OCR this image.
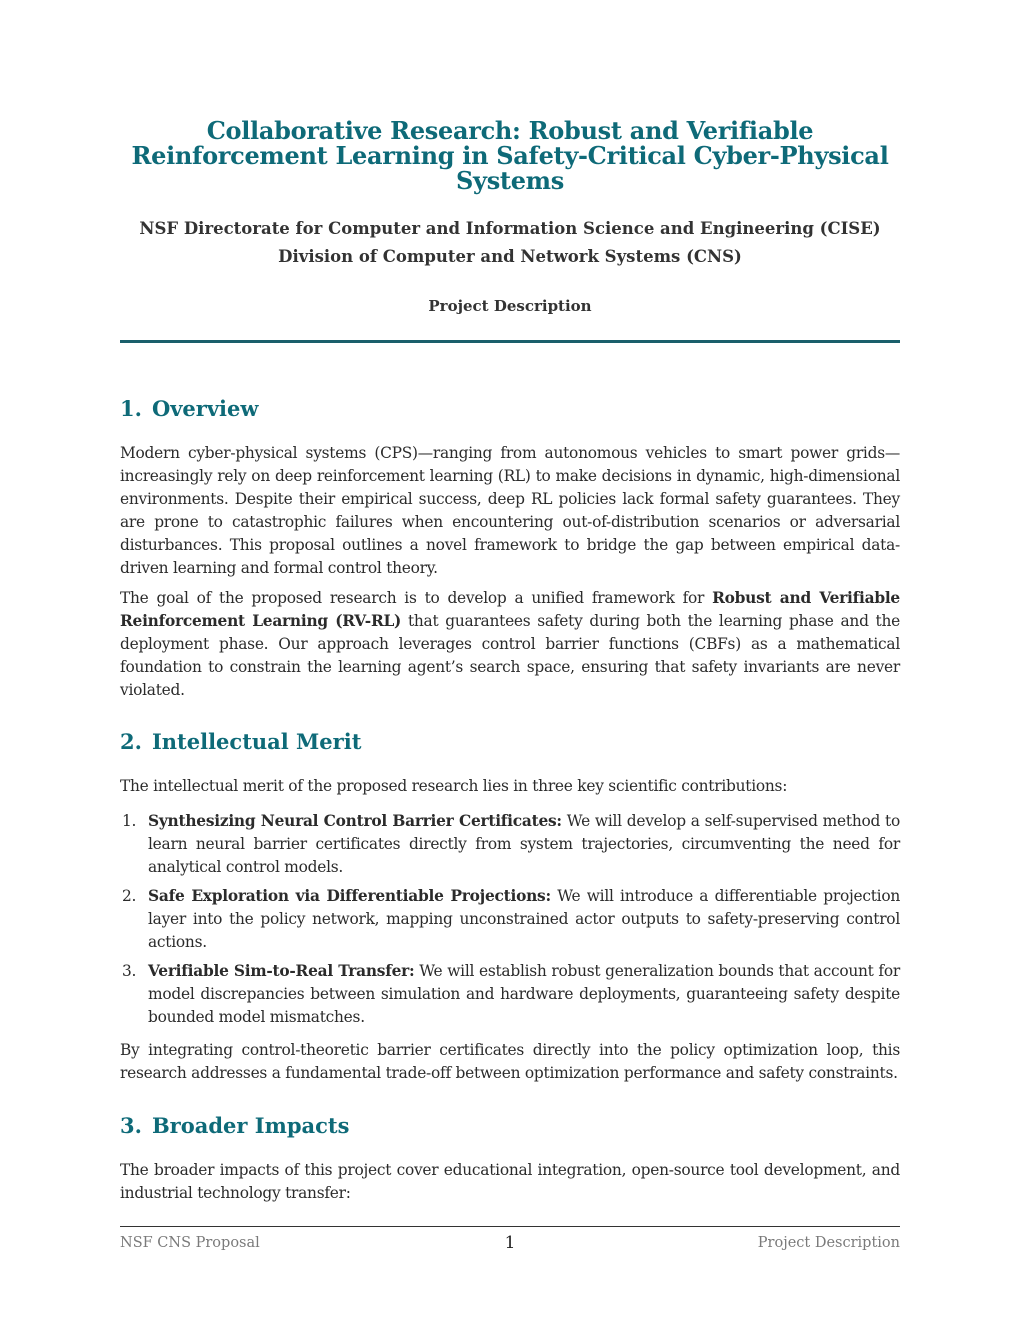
Collaborative Research: Robust and Verifiable
Reinforcement Learning in Safety-Critical Cyber-Physical
Systems
NSF Directorate for Computer and Information Science and Engineering (CISE)
Division of Computer and Network Systems (CNS)
Project Description
1. Overview

Modern cyber-physical systems (CPS)—ranging from autonomous vehicles to smart power grids—increasingly rely on deep reinforcement learning (RL) to make decisions in dynamic, high-dimensional environments. Despite their empirical success, deep RL policies lack formal safety guarantees. They are prone to catastrophic failures when encountering out-of-distribution scenarios or adversarial disturbances. This proposal outlines a novel framework to bridge the gap between empirical data-driven learning and formal control theory.

The goal of the proposed research is to develop a unified framework for Robust and Verifiable Reinforcement Learning (RV-RL) that guarantees safety during both the learning phase and the deployment phase. Our approach leverages control barrier functions (CBFs) as a mathematical foundation to constrain the learning agent’s search space, ensuring that safety invariants are never violated.

2. Intellectual Merit

The intellectual merit of the proposed research lies in three key scientific contributions:

1. Synthesizing Neural Control Barrier Certificates: We will develop a self-supervised method to learn neural barrier certificates directly from system trajectories, circumventing the need for analytical control models.
2. Safe Exploration via Differentiable Projections: We will introduce a differentiable projection layer into the policy network, mapping unconstrained actor outputs to safety-preserving control actions.
3. Verifiable Sim-to-Real Transfer: We will establish robust generalization bounds that account for model discrepancies between simulation and hardware deployments, guaranteeing safety despite bounded model mismatches.

By integrating control-theoretic barrier certificates directly into the policy optimization loop, this research addresses a fundamental trade-off between optimization performance and safety constraints.

3. Broader Impacts

The broader impacts of this project cover educational integration, open-source tool development, and industrial technology transfer:

NSF CNS Proposal	1	Project Description
